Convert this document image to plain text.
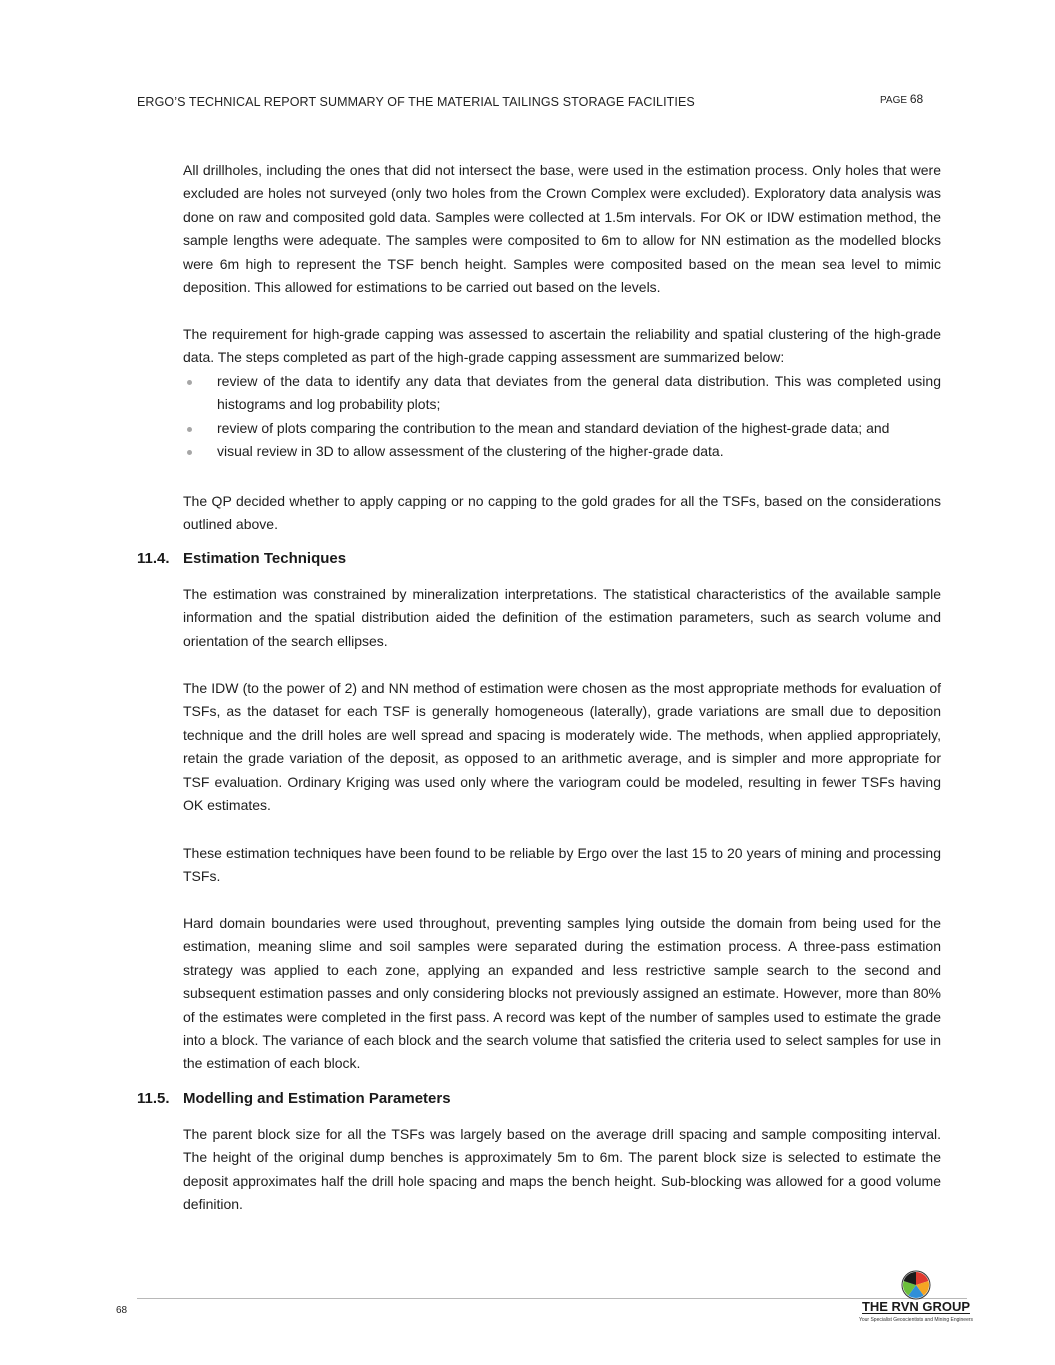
ERGO’S TECHNICAL REPORT SUMMARY OF THE MATERIAL TAILINGS STORAGE FACILITIES	PAGE 68

All drillholes, including the ones that did not intersect the base, were used in the estimation process. Only holes that were excluded are holes not surveyed (only two holes from the Crown Complex were excluded). Exploratory data analysis was done on raw and composited gold data. Samples were collected at 1.5m intervals. For OK or IDW estimation method, the sample lengths were adequate. The samples were composited to 6m to allow for NN estimation as the modelled blocks were 6m high to represent the TSF bench height. Samples were composited based on the mean sea level to mimic deposition. This allowed for estimations to be carried out based on the levels.

The requirement for high-grade capping was assessed to ascertain the reliability and spatial clustering of the high-grade data. The steps completed as part of the high-grade capping assessment are summarized below:

review of the data to identify any data that deviates from the general data distribution. This was completed using histograms and log probability plots;
review of plots comparing the contribution to the mean and standard deviation of the highest-grade data; and
visual review in 3D to allow assessment of the clustering of the higher-grade data.

The QP decided whether to apply capping or no capping to the gold grades for all the TSFs, based on the considerations outlined above.

11.4. Estimation Techniques

The estimation was constrained by mineralization interpretations. The statistical characteristics of the available sample information and the spatial distribution aided the definition of the estimation parameters, such as search volume and orientation of the search ellipses.

The IDW (to the power of 2) and NN method of estimation were chosen as the most appropriate methods for evaluation of TSFs, as the dataset for each TSF is generally homogeneous (laterally), grade variations are small due to deposition technique and the drill holes are well spread and spacing is moderately wide. The methods, when applied appropriately, retain the grade variation of the deposit, as opposed to an arithmetic average, and is simpler and more appropriate for TSF evaluation. Ordinary Kriging was used only where the variogram could be modeled, resulting in fewer TSFs having OK estimates.

These estimation techniques have been found to be reliable by Ergo over the last 15 to 20 years of mining and processing TSFs.

Hard domain boundaries were used throughout, preventing samples lying outside the domain from being used for the estimation, meaning slime and soil samples were separated during the estimation process. A three-pass estimation strategy was applied to each zone, applying an expanded and less restrictive sample search to the second and subsequent estimation passes and only considering blocks not previously assigned an estimate. However, more than 80% of the estimates were completed in the first pass. A record was kept of the number of samples used to estimate the grade into a block. The variance of each block and the search volume that satisfied the criteria used to select samples for use in the estimation of each block.

11.5. Modelling and Estimation Parameters

The parent block size for all the TSFs was largely based on the average drill spacing and sample compositing interval. The height of the original dump benches is approximately 5m to 6m. The parent block size is selected to estimate the deposit approximates half the drill hole spacing and maps the bench height. Sub-blocking was allowed for a good volume definition.

68	THE RVN GROUP
Your Specialist Geoscientists and Mining Engineers
